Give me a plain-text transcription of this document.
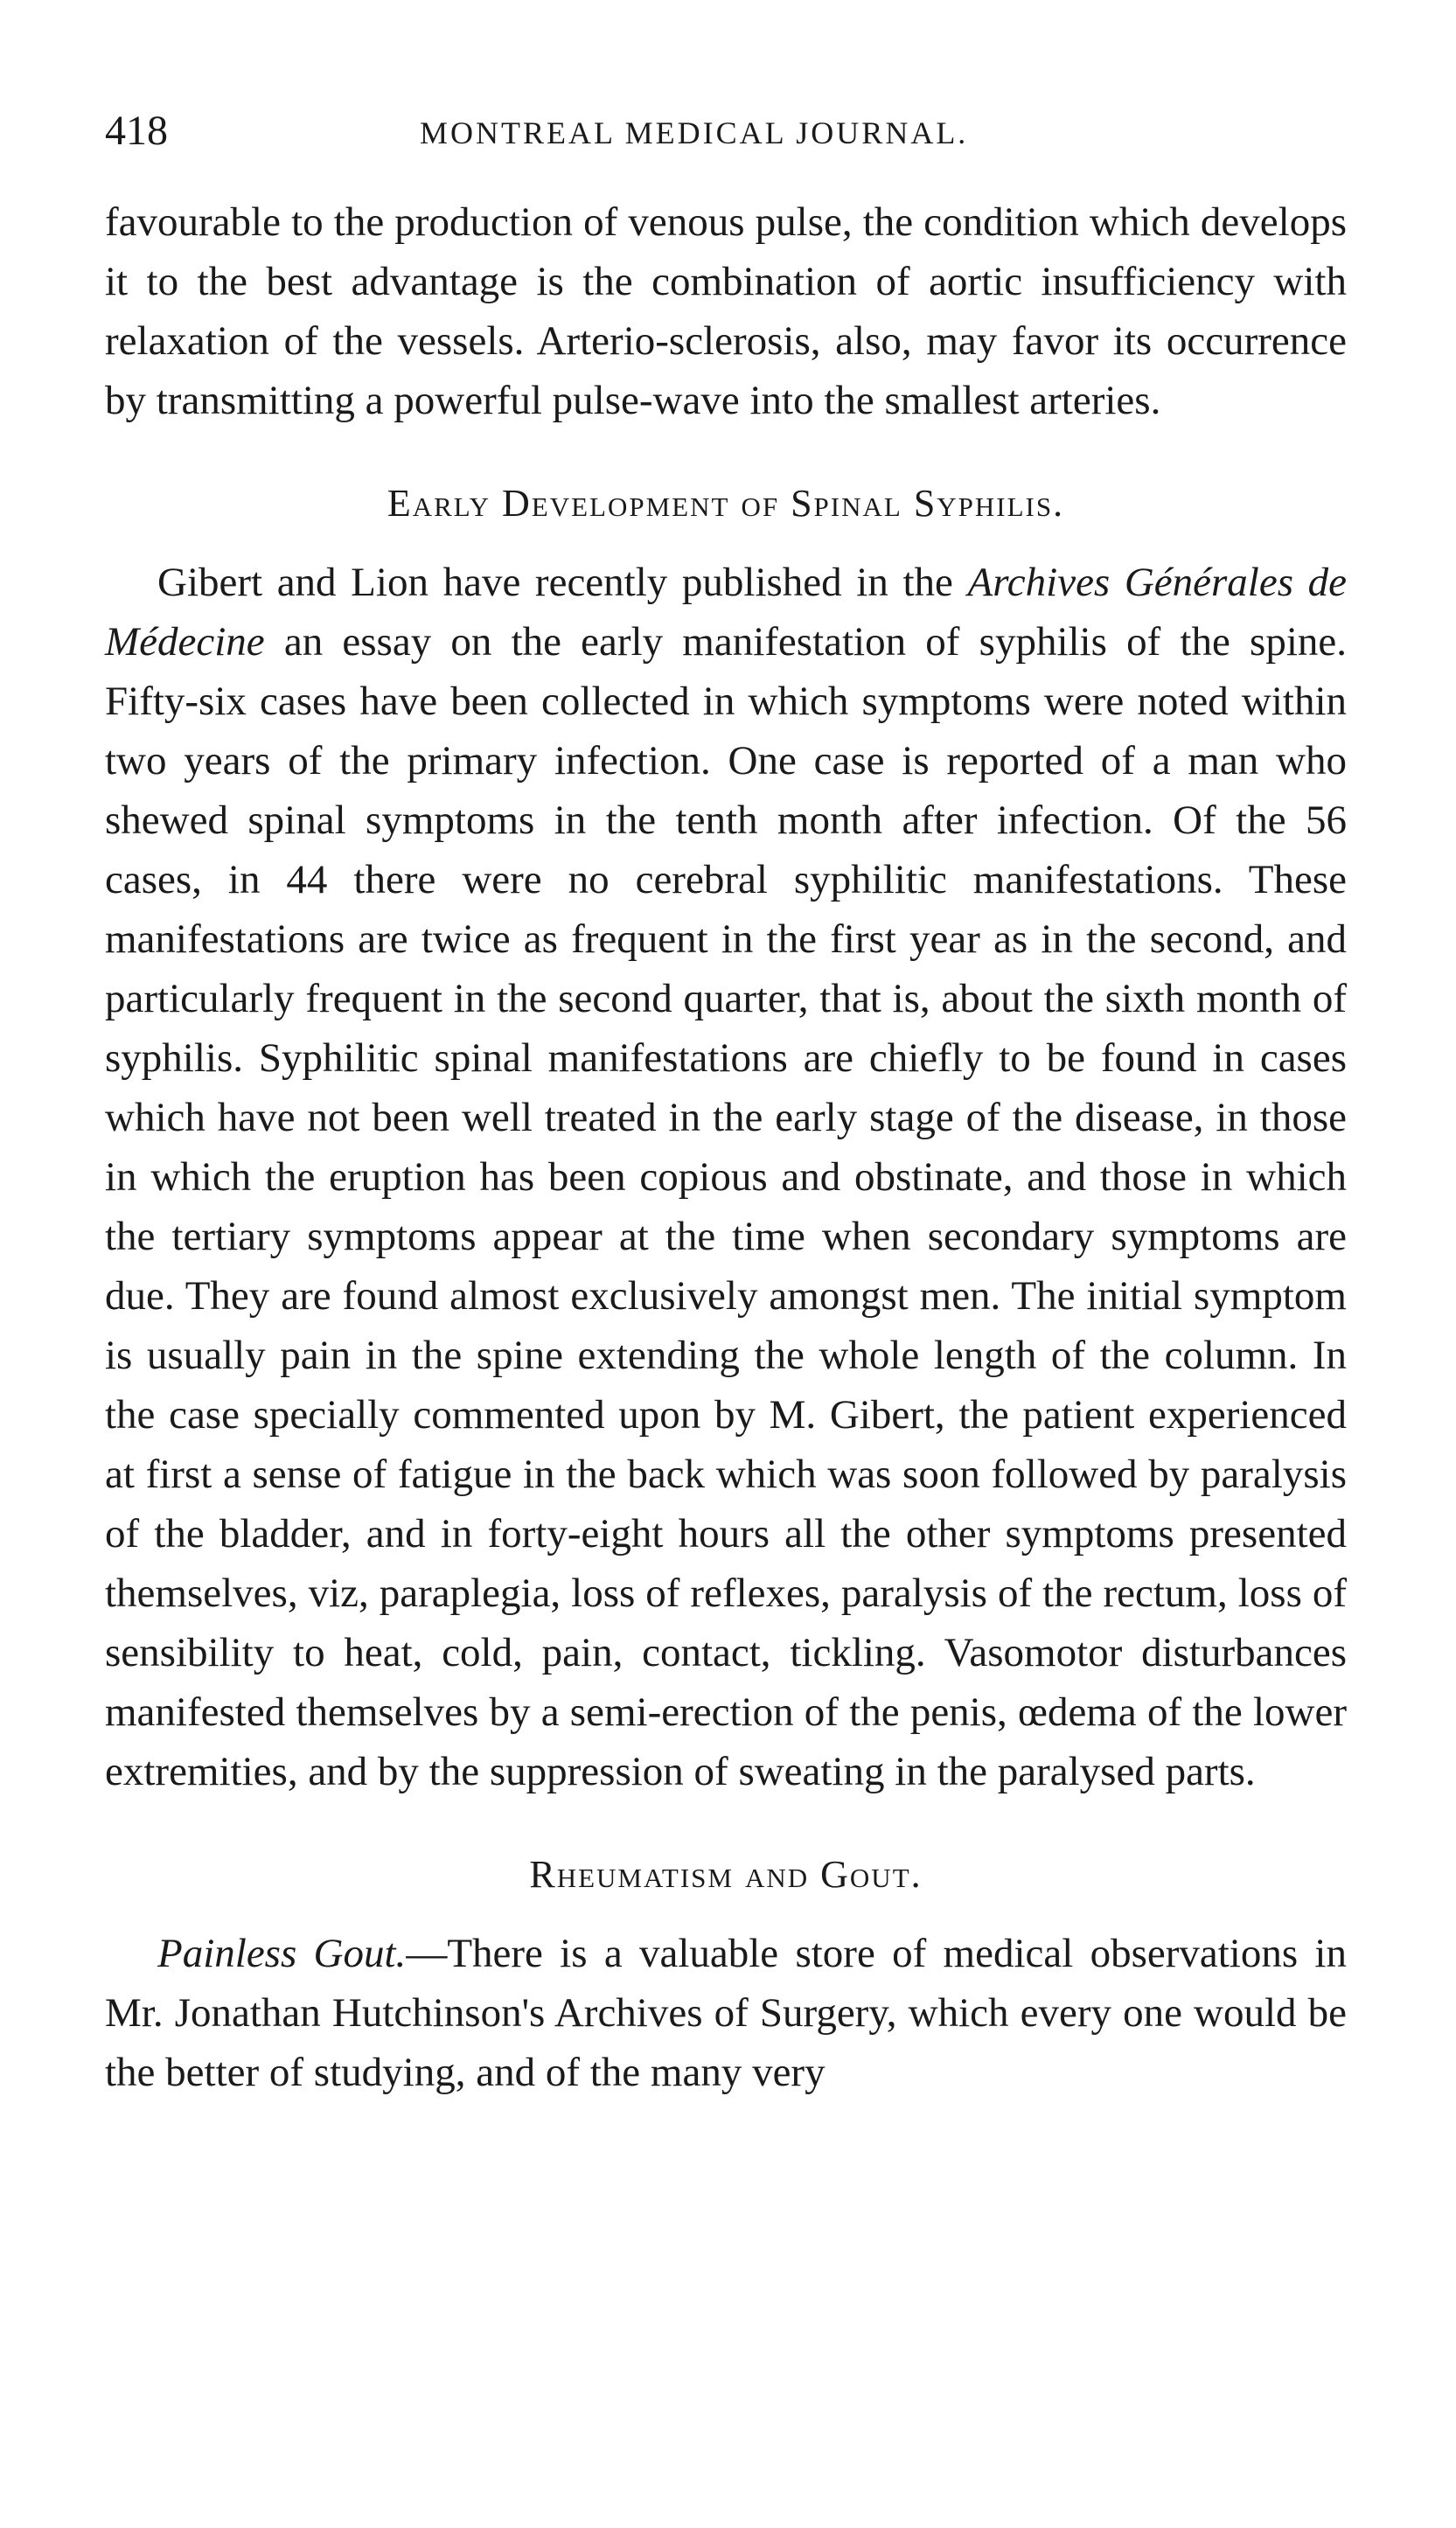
418	MONTREAL MEDICAL JOURNAL.

favourable to the production of venous pulse, the condition which develops it to the best advantage is the combination of aortic insufficiency with relaxation of the vessels. Arterio-sclerosis, also, may favor its occurrence by transmitting a powerful pulse-wave into the smallest arteries.

Early Development of Spinal Syphilis.

Gibert and Lion have recently published in the Archives Générales de Médecine an essay on the early manifestation of syphilis of the spine. Fifty-six cases have been collected in which symptoms were noted within two years of the primary infection. One case is reported of a man who shewed spinal symptoms in the tenth month after infection. Of the 56 cases, in 44 there were no cerebral syphilitic manifestations. These manifestations are twice as frequent in the first year as in the second, and particularly frequent in the second quarter, that is, about the sixth month of syphilis. Syphilitic spinal manifestations are chiefly to be found in cases which have not been well treated in the early stage of the disease, in those in which the eruption has been copious and obstinate, and those in which the tertiary symptoms appear at the time when secondary symptoms are due. They are found almost exclusively amongst men. The initial symptom is usually pain in the spine extending the whole length of the column. In the case specially commented upon by M. Gibert, the patient experienced at first a sense of fatigue in the back which was soon followed by paralysis of the bladder, and in forty-eight hours all the other symptoms presented themselves, viz, paraplegia, loss of reflexes, paralysis of the rectum, loss of sensibility to heat, cold, pain, contact, tickling. Vasomotor disturbances manifested themselves by a semi-erection of the penis, œdema of the lower extremities, and by the suppression of sweating in the paralysed parts.

Rheumatism and Gout.

Painless Gout.—There is a valuable store of medical observations in Mr. Jonathan Hutchinson's Archives of Surgery, which every one would be the better of studying, and of the many very
